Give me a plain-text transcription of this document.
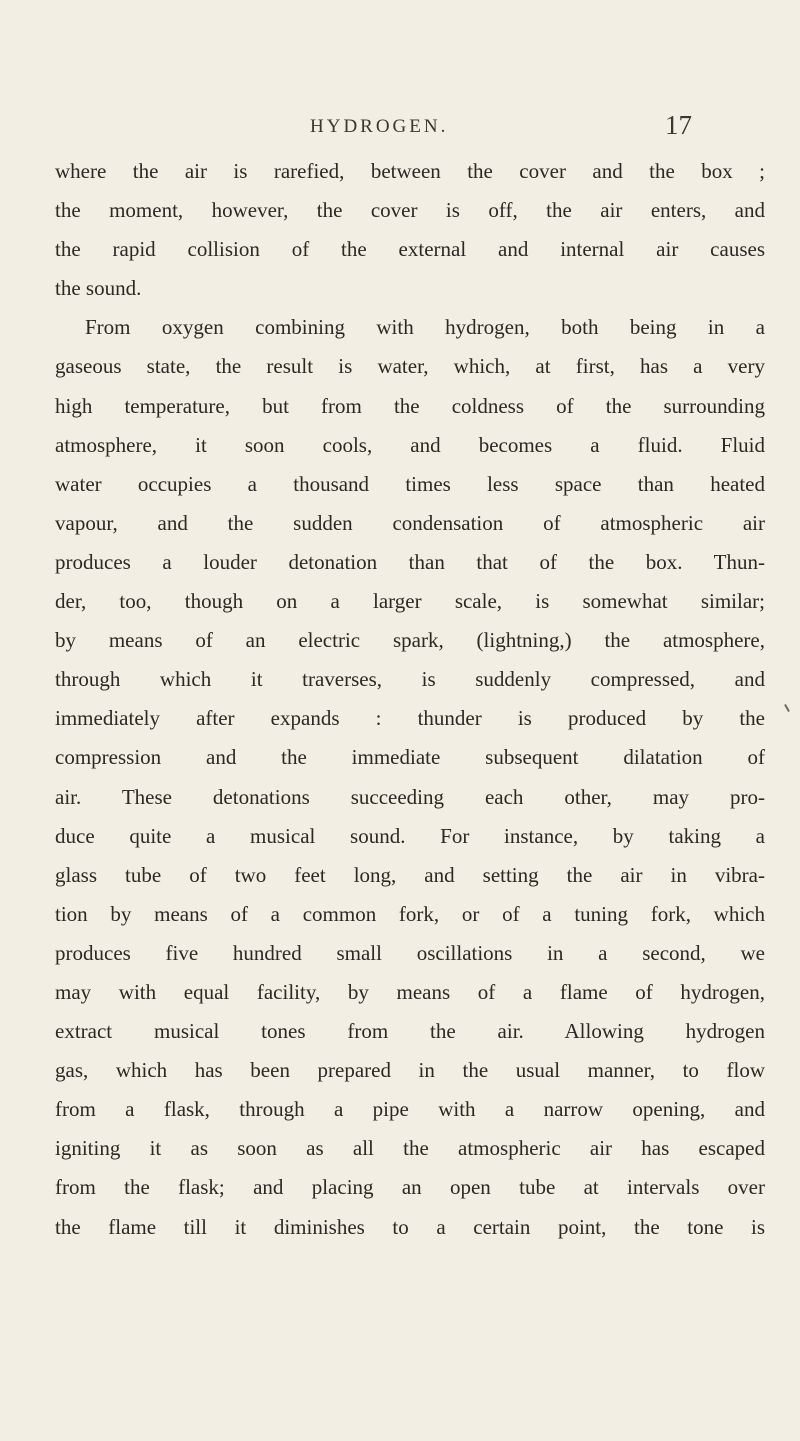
HYDROGEN.	17
where the air is rarefied, between the cover and the box ;
the moment, however, the cover is off, the air enters, and
the rapid collision of the external and internal air causes
the sound.
From oxygen combining with hydrogen, both being in a
gaseous state, the result is water, which, at first, has a very
high temperature, but from the coldness of the surrounding
atmosphere, it soon cools, and becomes a fluid. Fluid
water occupies a thousand times less space than heated
vapour, and the sudden condensation of atmospheric air
produces a louder detonation than that of the box. Thun-
der, too, though on a larger scale, is somewhat similar;
by means of an electric spark, (lightning,) the atmosphere,
through which it traverses, is suddenly compressed, and
immediately after expands : thunder is produced by the
compression and the immediate subsequent dilatation of
air. These detonations succeeding each other, may pro-
duce quite a musical sound. For instance, by taking a
glass tube of two feet long, and setting the air in vibra-
tion by means of a common fork, or of a tuning fork, which
produces five hundred small oscillations in a second, we
may with equal facility, by means of a flame of hydrogen,
extract musical tones from the air. Allowing hydrogen
gas, which has been prepared in the usual manner, to flow
from a flask, through a pipe with a narrow opening, and
igniting it as soon as all the atmospheric air has escaped
from the flask; and placing an open tube at intervals over
the flame till it diminishes to a certain point, the tone is
